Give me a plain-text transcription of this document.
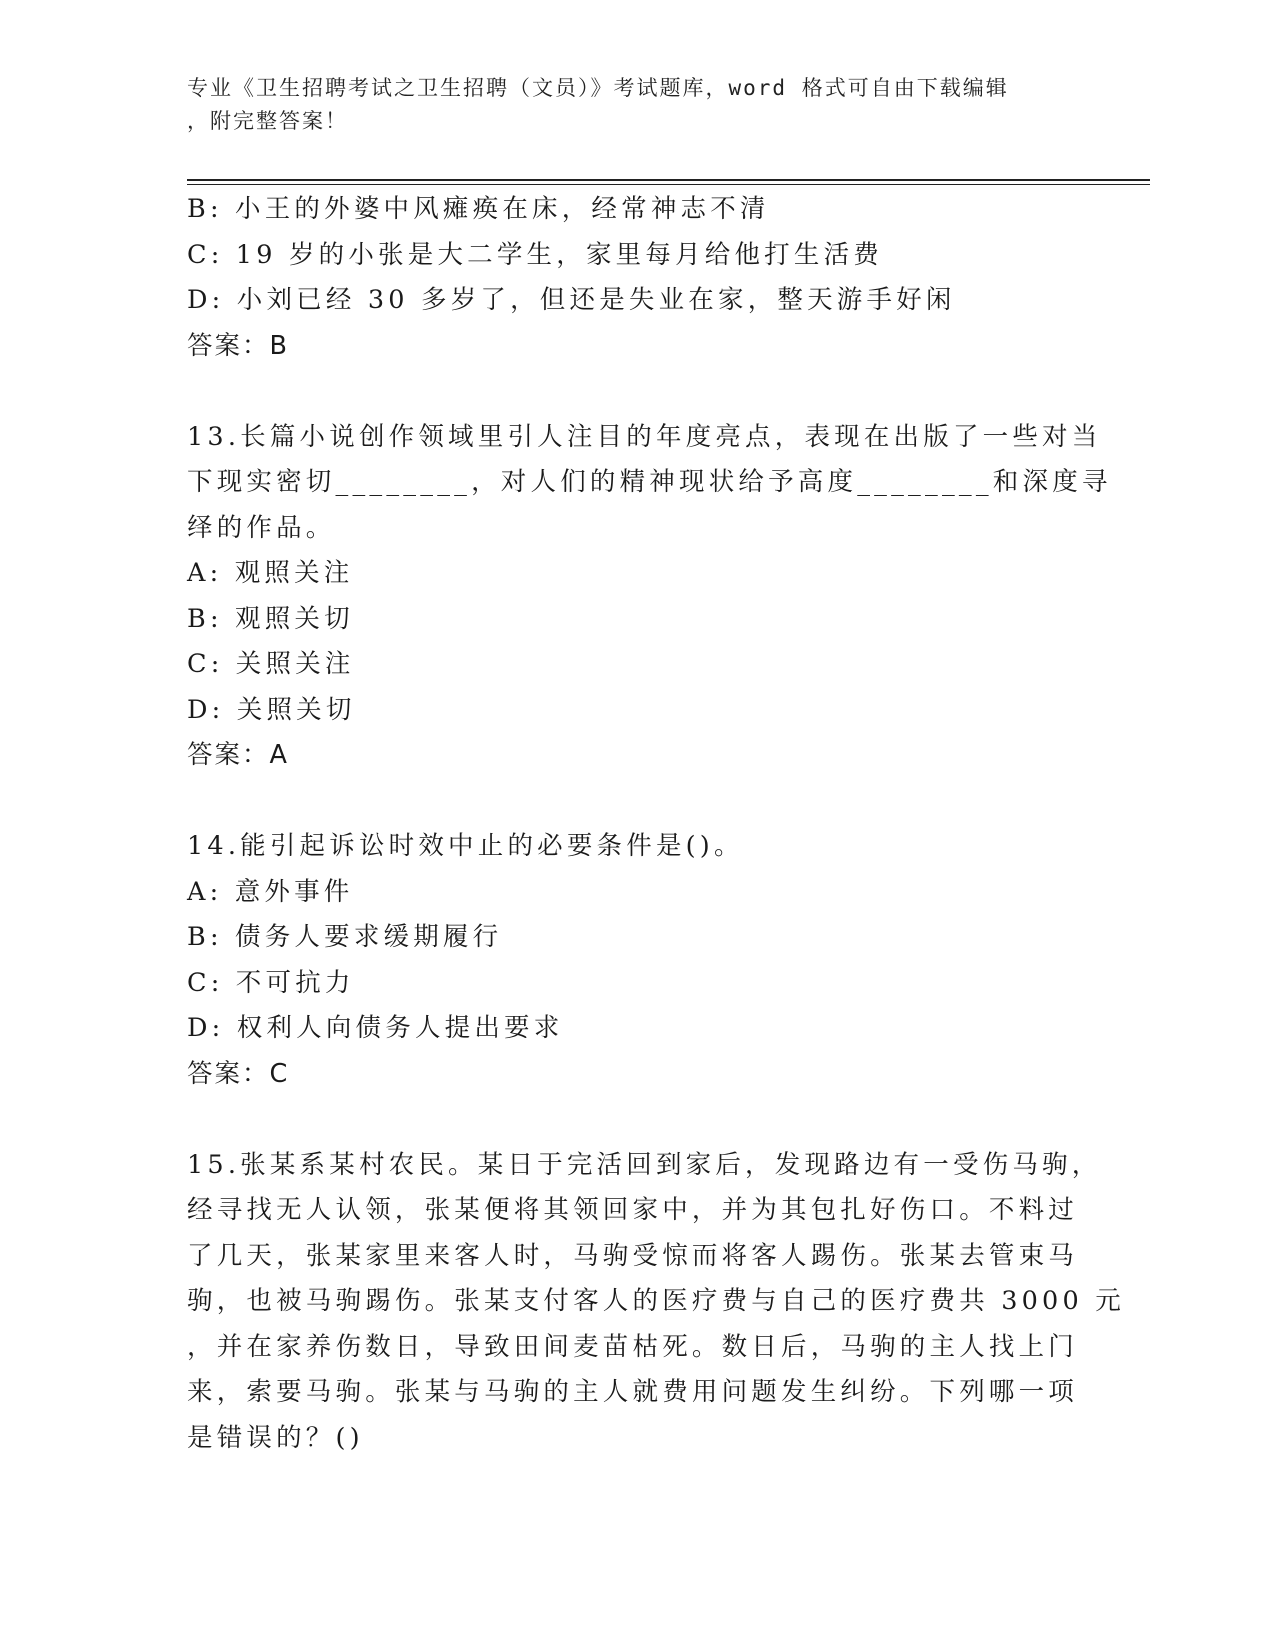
专业《卫生招聘考试之卫生招聘（文员）》考试题库，word 格式可自由下载编辑
，附完整答案！
B: 小王的外婆中风瘫痪在床，经常神志不清
C: 19 岁的小张是大二学生，家里每月给他打生活费
D: 小刘已经 30 多岁了，但还是失业在家，整天游手好闲
答案：B
13.长篇小说创作领域里引人注目的年度亮点，表现在出版了一些对当
下现实密切________，对人们的精神现状给予高度________和深度寻
绎的作品。
A: 观照关注
B: 观照关切
C: 关照关注
D: 关照关切
答案：A
14.能引起诉讼时效中止的必要条件是()。
A: 意外事件
B: 债务人要求缓期履行
C: 不可抗力
D: 权利人向债务人提出要求
答案：C
15.张某系某村农民。某日于完活回到家后，发现路边有一受伤马驹，
经寻找无人认领，张某便将其领回家中，并为其包扎好伤口。不料过
了几天，张某家里来客人时，马驹受惊而将客人踢伤。张某去管束马
驹，也被马驹踢伤。张某支付客人的医疗费与自己的医疗费共 3000 元
，并在家养伤数日，导致田间麦苗枯死。数日后，马驹的主人找上门
来，索要马驹。张某与马驹的主人就费用问题发生纠纷。下列哪一项
是错误的？()
